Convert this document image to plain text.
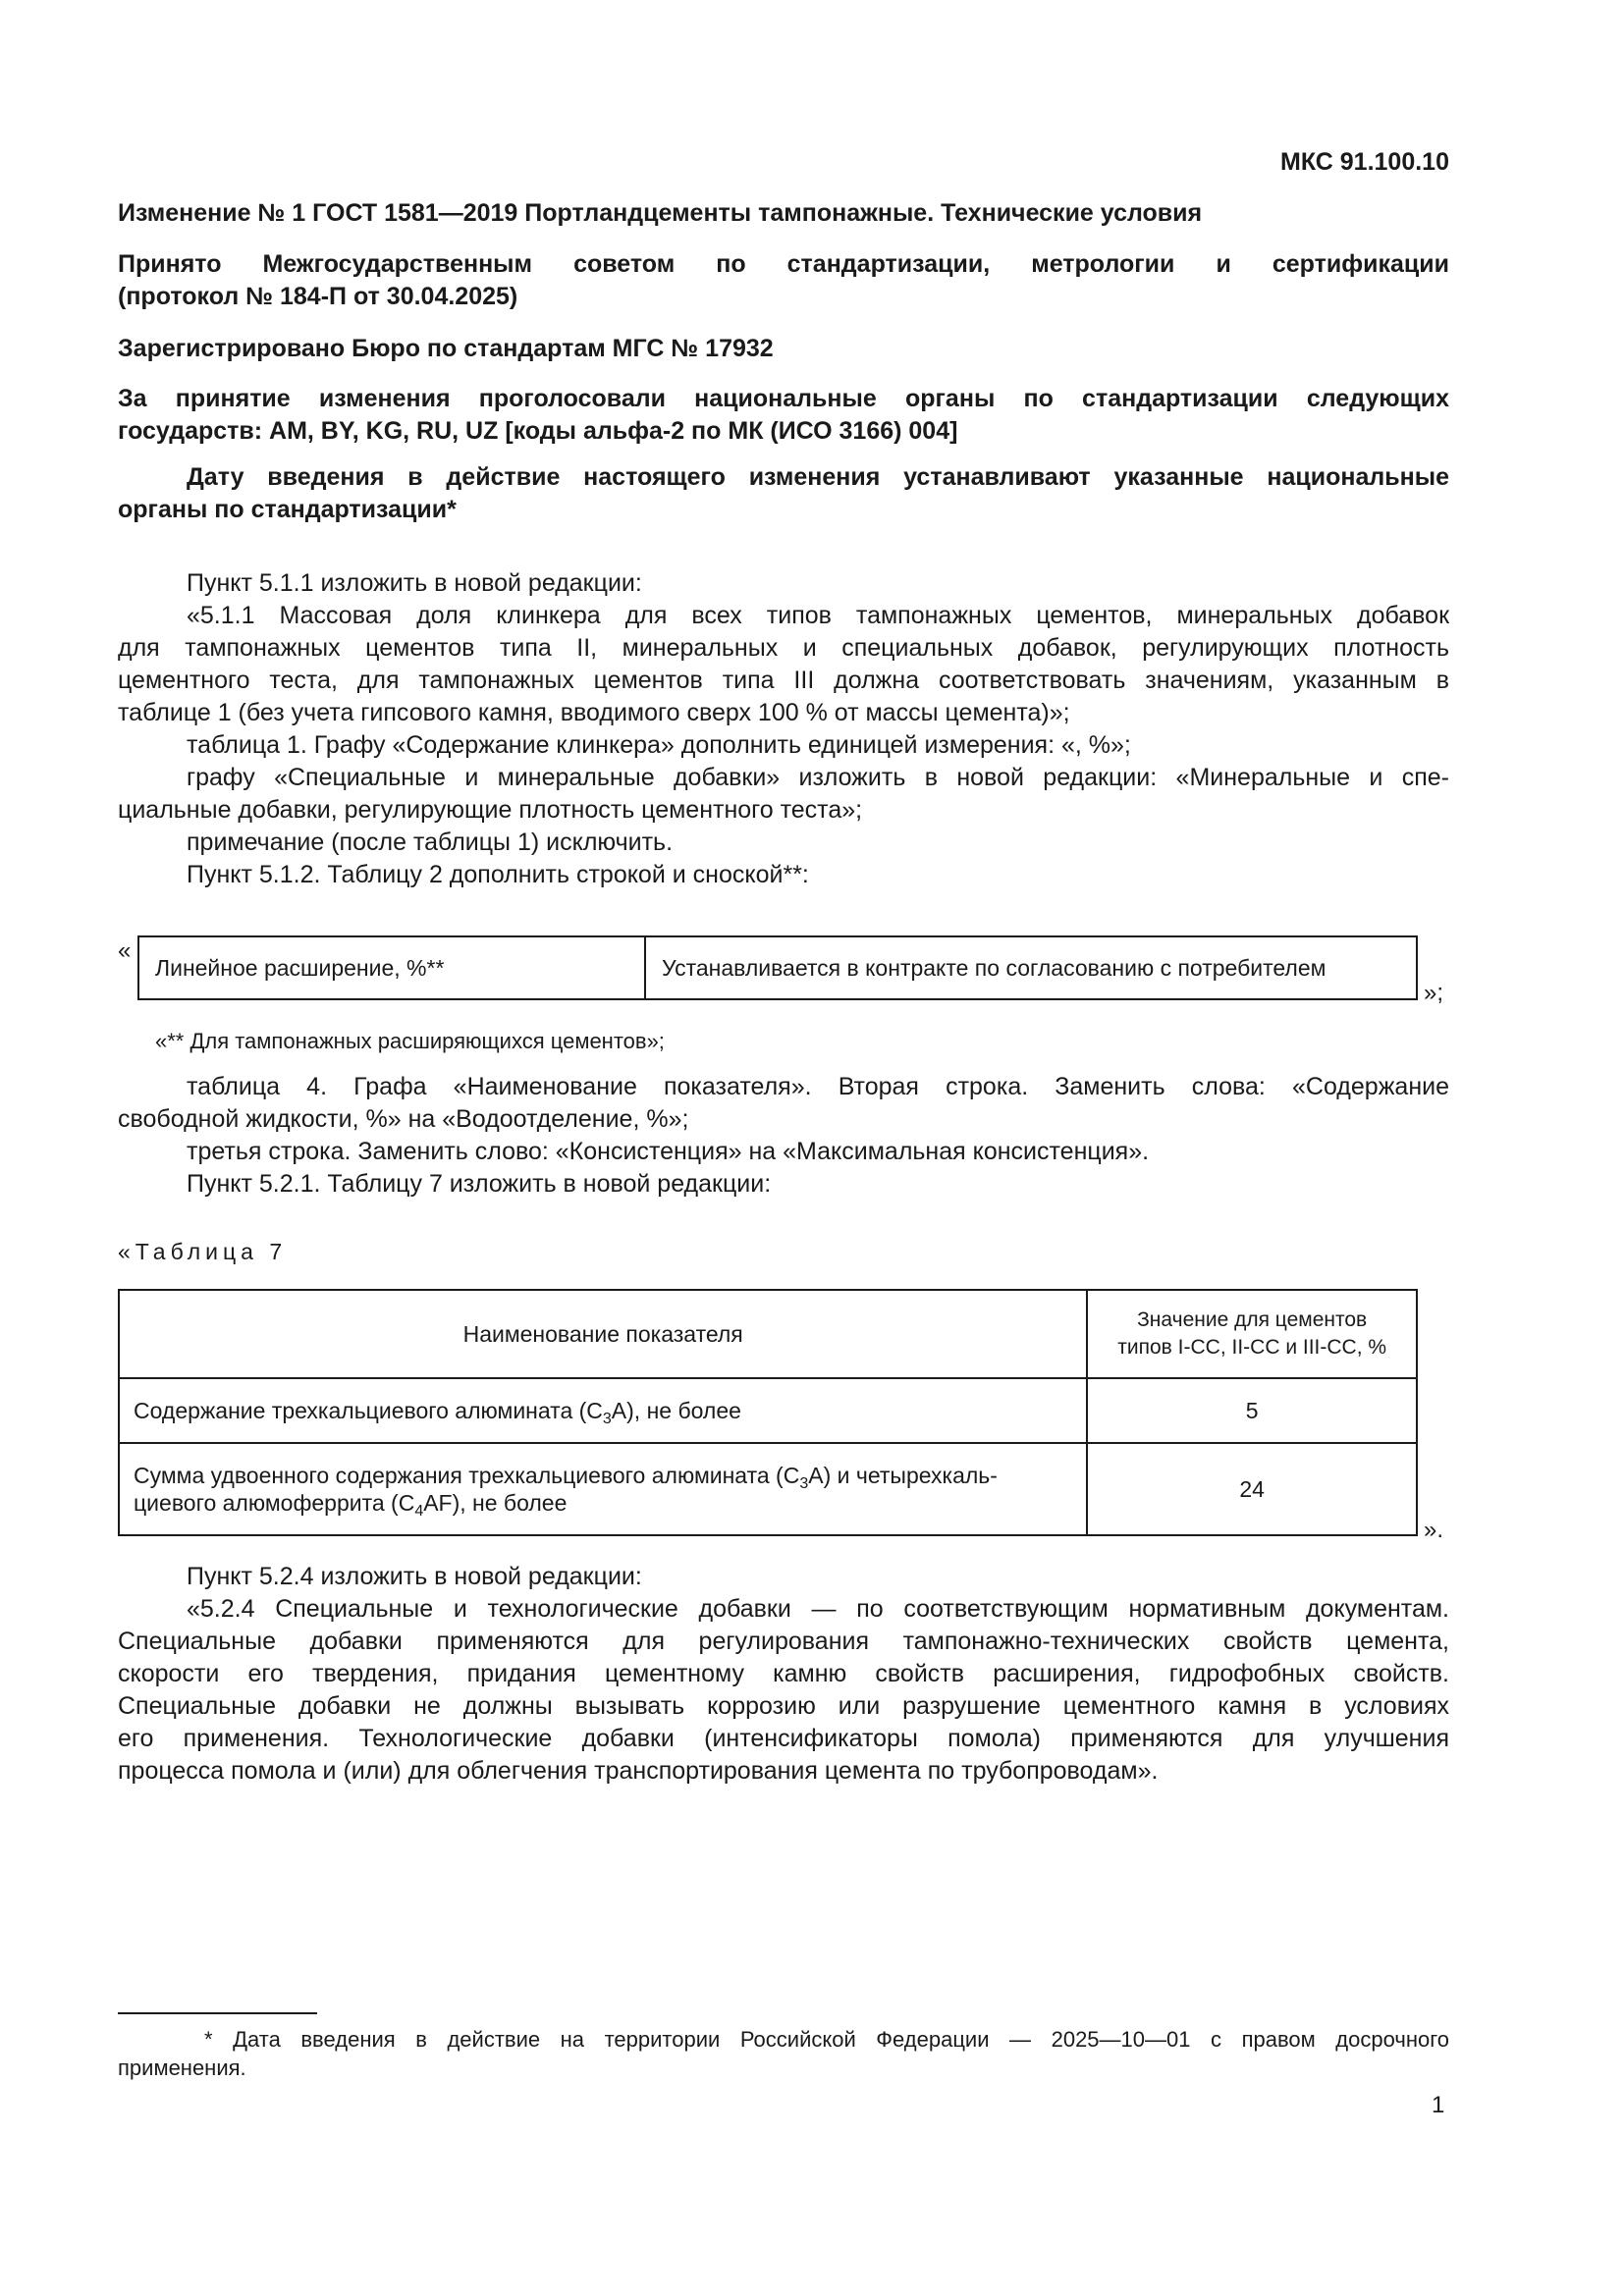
МКС 91.100.10
Изменение № 1 ГОСТ 1581—2019 Портландцементы тампонажные. Технические условия
Принято Межгосударственным советом по стандартизации, метрологии и сертификации
(протокол № 184-П от 30.04.2025)
Зарегистрировано Бюро по стандартам МГС № 17932
За принятие изменения проголосовали национальные органы по стандартизации следующих
государств: AM, BY, KG, RU, UZ [коды альфа-2 по МК (ИСО 3166) 004]
Дату введения в действие настоящего изменения устанавливают указанные национальные
органы по стандартизации*
Пункт 5.1.1 изложить в новой редакции:
«5.1.1 Массовая доля клинкера для всех типов тампонажных цементов, минеральных добавок
для тампонажных цементов типа II, минеральных и специальных добавок, регулирующих плотность
цементного теста, для тампонажных цементов типа III должна соответствовать значениям, указанным в
таблице 1 (без учета гипсового камня, вводимого сверх 100 % от массы цемента)»;
таблица 1. Графу «Содержание клинкера» дополнить единицей измерения: «, %»;
графу «Специальные и минеральные добавки» изложить в новой редакции: «Минеральные и спе-
циальные добавки, регулирующие плотность цементного теста»;
примечание (после таблицы 1) исключить.
Пункт 5.1.2. Таблицу 2 дополнить строкой и сноской**:
«
Линейное расширение, %**	Устанавливается в контракте по согласованию с потребителем
»;
«** Для тампонажных расширяющихся цементов»;
таблица 4. Графа «Наименование показателя». Вторая строка. Заменить слова: «Содержание
свободной жидкости, %» на «Водоотделение, %»;
третья строка. Заменить слово: «Консистенция» на «Максимальная консистенция».
Пункт 5.2.1. Таблицу 7 изложить в новой редакции:
«Таблица 7
Наименование показателя	Значение для цементов
типов I-CC, II-CC и III-CC, %

Содержание трехкальциевого алюмината $(C_3A)$, не более	5

Сумма удвоенного содержания трехкальциевого алюмината $(C_3A)$ и четырехкаль-
циевого алюмоферрита $(C_4AF)$, не более	24
».
Пункт 5.2.4 изложить в новой редакции:
«5.2.4 Специальные и технологические добавки — по соответствующим нормативным документам.
Специальные добавки применяются для регулирования тампонажно-технических свойств цемента,
скорости его твердения, придания цементному камню свойств расширения, гидрофобных свойств.
Специальные добавки не должны вызывать коррозию или разрушение цементного камня в условиях
его применения. Технологические добавки (интенсификаторы помола) применяются для улучшения
процесса помола и (или) для облегчения транспортирования цемента по трубопроводам».
* Дата введения в действие на территории Российской Федерации — 2025—10—01 с правом досрочного
применения.
1
